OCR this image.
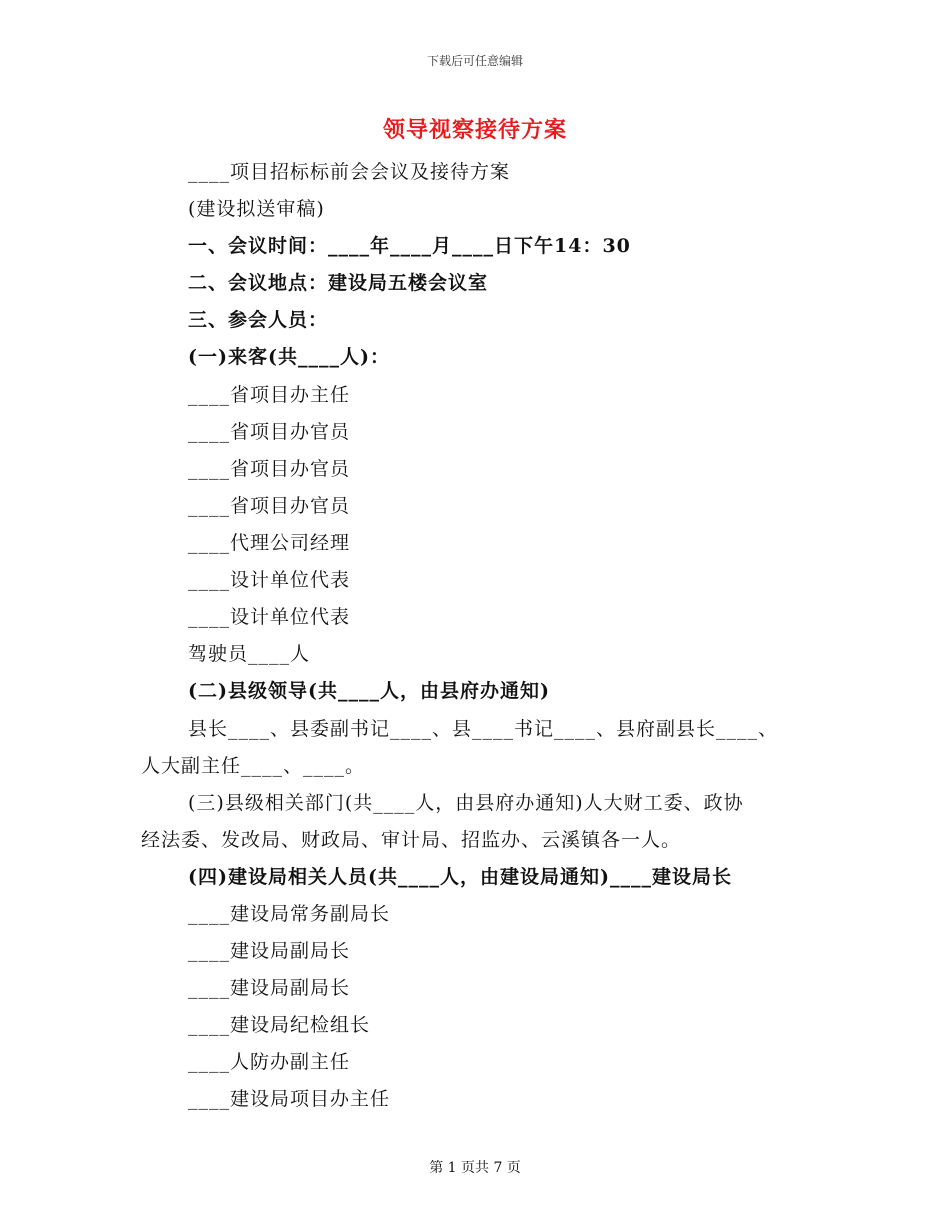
下载后可任意编辑
领导视察接待方案
____项目招标标前会会议及接待方案
(建设拟送审稿)
一、会议时间：____年____月____日下午14：30
二、会议地点：建设局五楼会议室
三、参会人员：
(一)来客(共____人)：
____省项目办主任
____省项目办官员
____省项目办官员
____省项目办官员
____代理公司经理
____设计单位代表
____设计单位代表
驾驶员____人
(二)县级领导(共____人，由县府办通知)
县长____、县委副书记____、县____书记____、县府副县长____、
人大副主任____、____。
(三)县级相关部门(共____人，由县府办通知)人大财工委、政协
经法委、发改局、财政局、审计局、招监办、云溪镇各一人。
(四)建设局相关人员(共____人，由建设局通知)____建设局长
____建设局常务副局长
____建设局副局长
____建设局副局长
____建设局纪检组长
____人防办副主任
____建设局项目办主任
第 1 页共 7 页
